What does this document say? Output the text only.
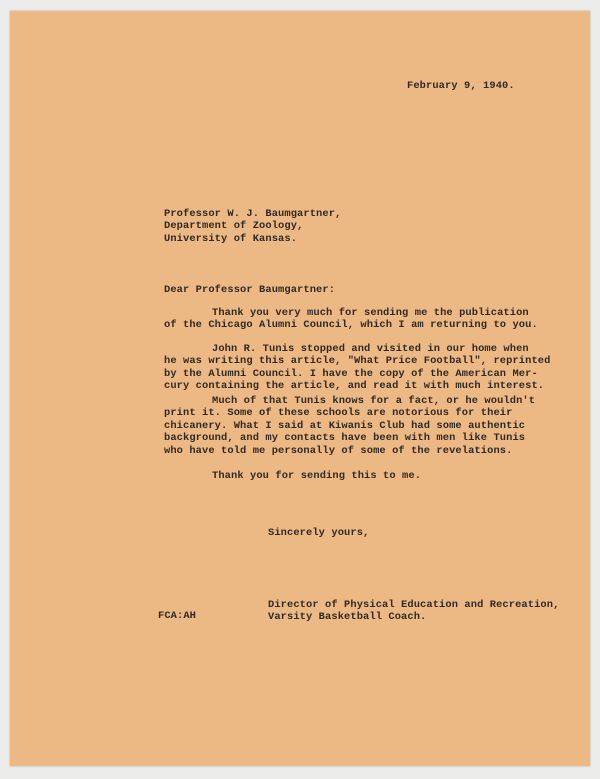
February 9, 1940.
Professor W. J. Baumgartner,
Department of Zoology,
University of Kansas.
Dear Professor Baumgartner:
Thank you very much for sending me the publication
of the Chicago Alumni Council, which I am returning to you.
John R. Tunis stopped and visited in our home when
he was writing this article, "What Price Football", reprinted
by the Alumni Council. I have the copy of the American Mer-
cury containing the article, and read it with much interest.
Much of that Tunis knows for a fact, or he wouldn't
print it. Some of these schools are notorious for their
chicanery. What I said at Kiwanis Club had some authentic
background, and my contacts have been with men like Tunis
who have told me personally of some of the revelations.
Thank you for sending this to me.
Sincerely yours,
Director of Physical Education and Recreation,
Varsity Basketball Coach.
FCA:AH
